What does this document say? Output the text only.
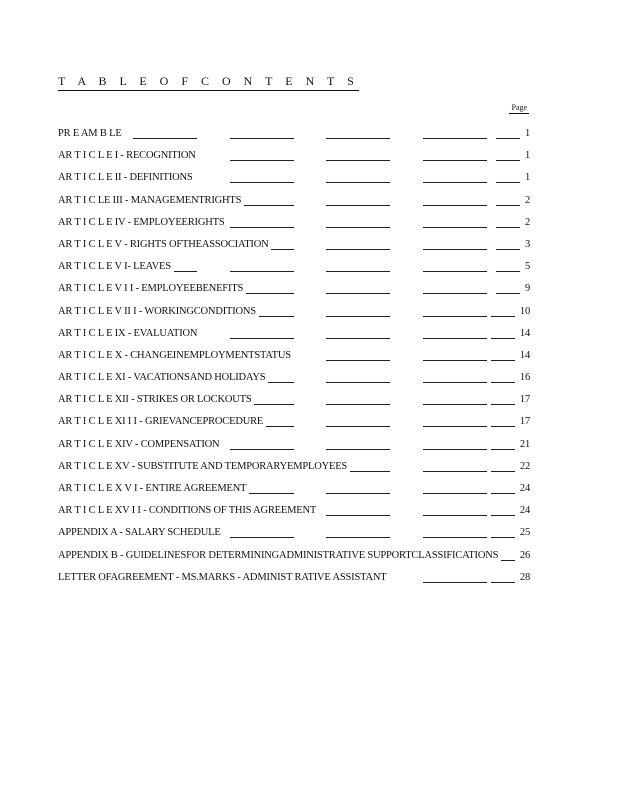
T A B L E O F C O N T E N T S
Page
PR E AM B LE	1
AR T I C L E I - RECOGNITION	1
AR T I C L E II - DEFINITIONS	1
AR T I C LE III - MANAGEMENTRIGHTS	2
AR T I C L E IV - EMPLOYEERIGHTS	2
AR T I C L E V - RIGHTS OFTHEASSOCIATION	3
AR T I C L E V I- LEAVES	5
AR T I C L E V I I - EMPLOYEEBENEFITS	9
AR T I C L E V II I - WORKINGCONDITIONS	10
AR T I C L E IX - EVALUATION	14
AR T I C L E X - CHANGEINEMPLOYMENTSTATUS	14
AR T I C L E XI - VACATIONSAND HOLIDAYS	16
AR T I C L E XII - STRIKES OR LOCKOUTS	17
AR T I C L E XI I I - GRIEVANCEPROCEDURE	17
AR T I C L E XIV - COMPENSATION	21
AR T I C L E XV - SUBSTITUTE AND TEMPORARYEMPLOYEES	22
AR T I C L E X V I - ENTIRE AGREEMENT	24
AR T I C L E XV I I - CONDITIONS OF THIS AGREEMENT	24
APPENDIX A - SALARY SCHEDULE	25
APPENDIX B - GUIDELINESFOR DETERMININGADMINISTRATIVE SUPPORTCLASSIFICATIONS 26
LETTER OFAGREEMENT - MS.MARKS - ADMINIST RATIVE ASSISTANT	28
